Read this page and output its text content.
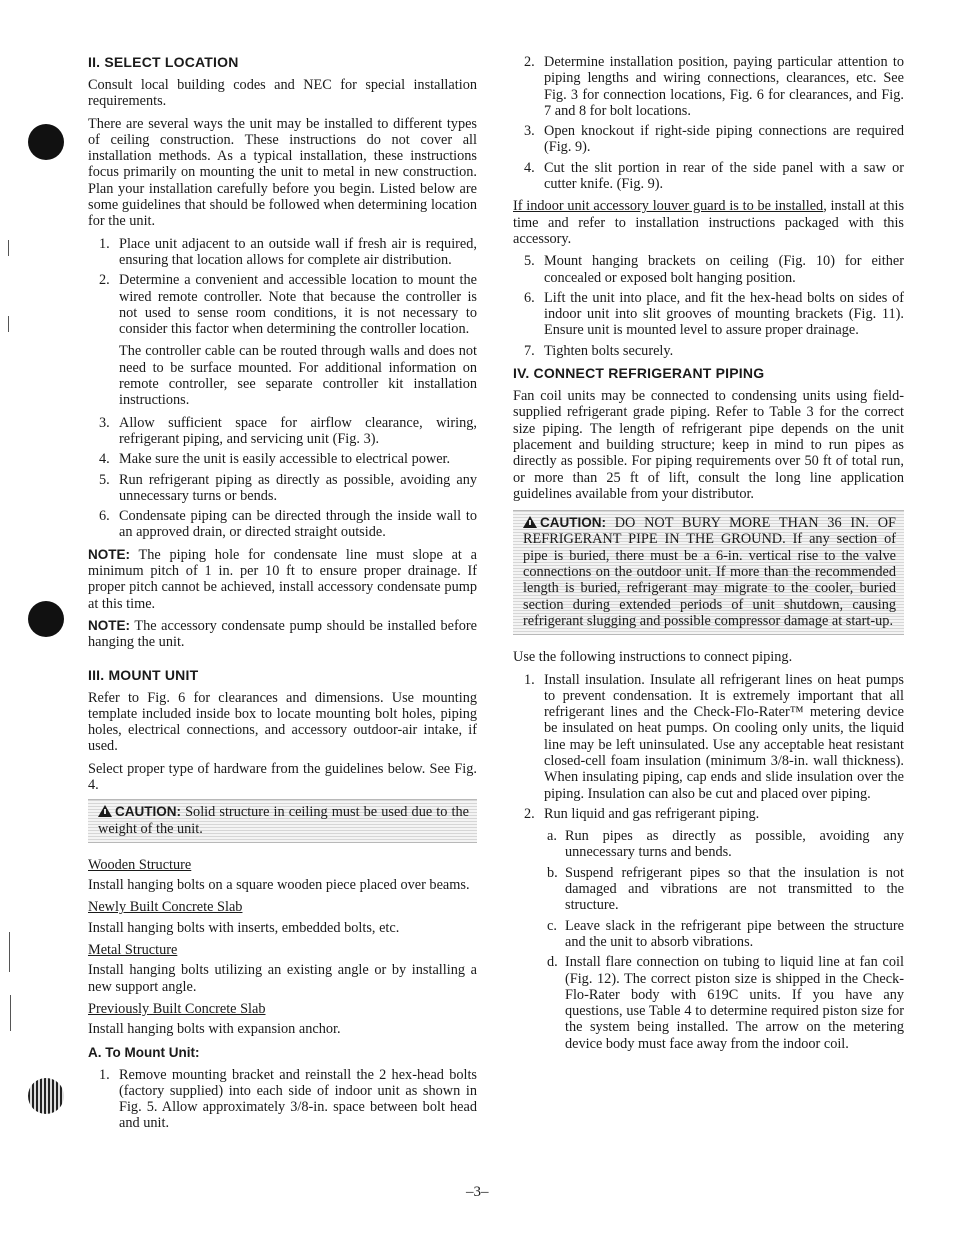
II. SELECT LOCATION

Consult local building codes and NEC for special installation requirements.

There are several ways the unit may be installed to different types of ceiling construction. These instructions do not cover all installation methods. As a typical installation, these instructions focus primarily on mounting the unit to metal in new construction. Plan your installation carefully before you begin. Listed below are some guidelines that should be followed when determining location for the unit.

1. Place unit adjacent to an outside wall if fresh air is required, ensuring that location allows for complete air distribution.
2. Determine a convenient and accessible location to mount the wired remote controller. Note that because the controller is not used to sense room conditions, it is not necessary to consider this factor when determining the controller location.

The controller cable can be routed through walls and does not need to be surface mounted. For additional information on remote controller, see separate controller kit installation instructions.

3. Allow sufficient space for airflow clearance, wiring, refrigerant piping, and servicing unit (Fig. 3).
4. Make sure the unit is easily accessible to electrical power.
5. Run refrigerant piping as directly as possible, avoiding any unnecessary turns or bends.
6. Condensate piping can be directed through the inside wall to an approved drain, or directed straight outside.

NOTE: The piping hole for condensate line must slope at a minimum pitch of 1 in. per 10 ft to ensure proper drainage. If proper pitch cannot be achieved, install accessory condensate pump at this time.

NOTE: The accessory condensate pump should be installed before hanging the unit.

III. MOUNT UNIT

Refer to Fig. 6 for clearances and dimensions. Use mounting template included inside box to locate mounting bolt holes, piping holes, electrical connections, and accessory outdoor-air intake, if used.

Select proper type of hardware from the guidelines below. See Fig. 4.

CAUTION: Solid structure in ceiling must be used due to the weight of the unit.

Wooden Structure

Install hanging bolts on a square wooden piece placed over beams.

Newly Built Concrete Slab

Install hanging bolts with inserts, embedded bolts, etc.

Metal Structure

Install hanging bolts utilizing an existing angle or by installing a new support angle.

Previously Built Concrete Slab

Install hanging bolts with expansion anchor.

A. To Mount Unit:
1. Remove mounting bracket and reinstall the 2 hex-head bolts (factory supplied) into each side of indoor unit as shown in Fig. 5. Allow approximately 3/8-in. space between bolt head and unit.
2. Determine installation position, paying particular attention to piping lengths and wiring connections, clearances, etc. See Fig. 3 for connection locations, Fig. 6 for clearances, and Fig. 7 and 8 for bolt locations.
3. Open knockout if right-side piping connections are required (Fig. 9).
4. Cut the slit portion in rear of the side panel with a saw or cutter knife. (Fig. 9).

If indoor unit accessory louver guard is to be installed, install at this time and refer to installation instructions packaged with this accessory.

5. Mount hanging brackets on ceiling (Fig. 10) for either concealed or exposed bolt hanging position.
6. Lift the unit into place, and fit the hex-head bolts on sides of indoor unit into slit grooves of mounting brackets (Fig. 11). Ensure unit is mounted level to assure proper drainage.
7. Tighten bolts securely.
IV. CONNECT REFRIGERANT PIPING

Fan coil units may be connected to condensing units using field-supplied refrigerant grade piping. Refer to Table 3 for the correct size piping. The length of refrigerant pipe depends on the unit placement and building structure; keep in mind to run pipes as directly as possible. For piping requirements over 50 ft of total run, or more than 25 ft of lift, consult the long line application guidelines available from your distributor.

CAUTION: DO NOT BURY MORE THAN 36 IN. OF REFRIGERANT PIPE IN THE GROUND. If any section of pipe is buried, there must be a 6-in. vertical rise to the valve connections on the outdoor unit. If more than the recommended length is buried, refrigerant may migrate to the cooler, buried section during extended periods of unit shutdown, causing refrigerant slugging and possible compressor damage at start-up.

Use the following instructions to connect piping.

1. Install insulation. Insulate all refrigerant lines on heat pumps to prevent condensation. It is extremely important that all refrigerant lines and the Check-Flo-Rater™ metering device be insulated on heat pumps. On cooling only units, the liquid line may be left uninsulated. Use any acceptable heat resistant closed-cell foam insulation (minimum 3/8-in. wall thickness). When insulating piping, cap ends and slide insulation over the piping. Insulation can also be cut and placed over piping.
2. Run liquid and gas refrigerant piping.
a. Run pipes as directly as possible, avoiding any unnecessary turns and bends.
b. Suspend refrigerant pipes so that the insulation is not damaged and vibrations are not transmitted to the structure.
c. Leave slack in the refrigerant pipe between the structure and the unit to absorb vibrations.
d. Install flare connection on tubing to liquid line at fan coil (Fig. 12). The correct piston size is shipped in the Check-Flo-Rater body with 619C units. If you have any questions, use Table 4 to determine required piston size for the system being installed. The arrow on the metering device body must face away from the indoor coil.
–3–
